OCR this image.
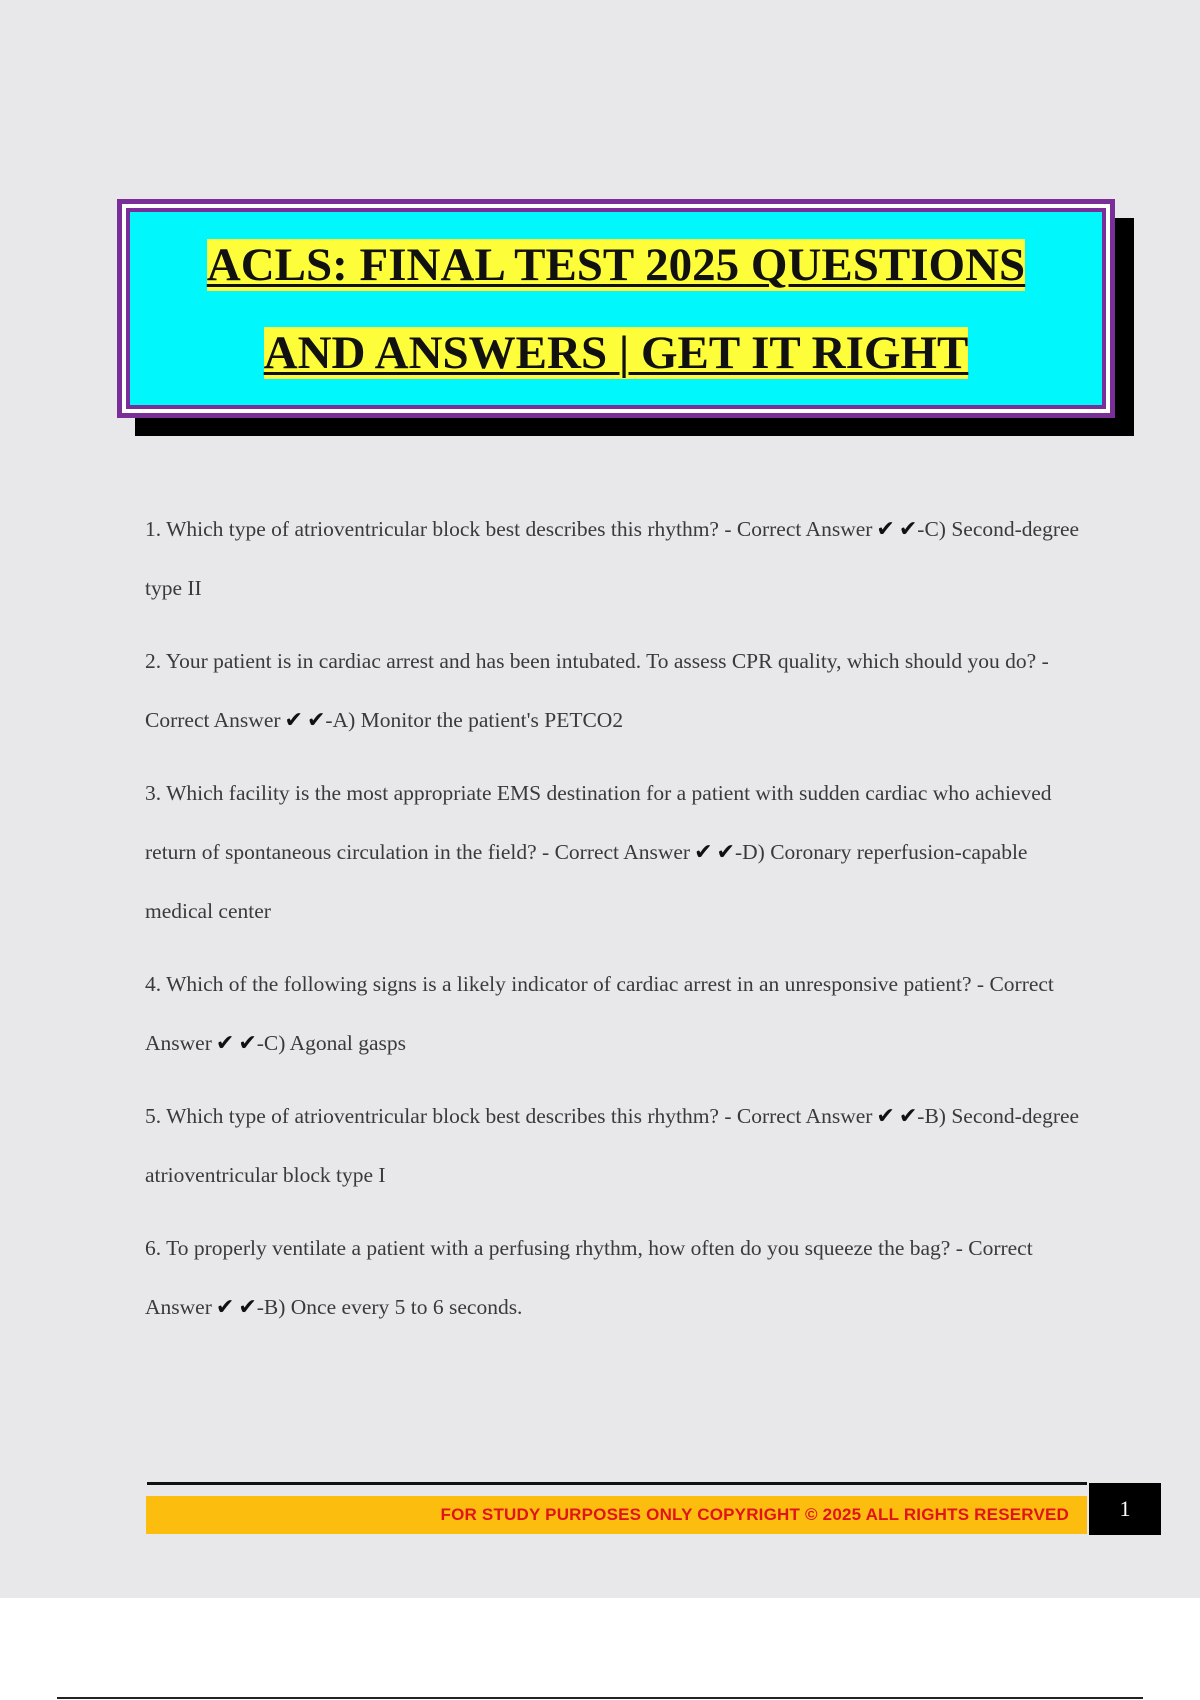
ACLS: FINAL TEST 2025 QUESTIONS
AND ANSWERS | GET IT RIGHT

1. Which type of atrioventricular block best describes this rhythm? - Correct Answer ✔ ✔-C) Second-degree type II

2. Your patient is in cardiac arrest and has been intubated. To assess CPR quality, which should you do? - Correct Answer ✔ ✔-A) Monitor the patient's PETCO2

3. Which facility is the most appropriate EMS destination for a patient with sudden cardiac who achieved return of spontaneous circulation in the field? - Correct Answer ✔ ✔-D) Coronary reperfusion-capable medical center

4. Which of the following signs is a likely indicator of cardiac arrest in an unresponsive patient? - Correct Answer ✔ ✔-C) Agonal gasps

5. Which type of atrioventricular block best describes this rhythm? - Correct Answer ✔ ✔-B) Second-degree atrioventricular block type I

6. To properly ventilate a patient with a perfusing rhythm, how often do you squeeze the bag? - Correct Answer ✔ ✔-B) Once every 5 to 6 seconds.

FOR STUDY PURPOSES ONLY COPYRIGHT © 2025 ALL RIGHTS RESERVED	1
